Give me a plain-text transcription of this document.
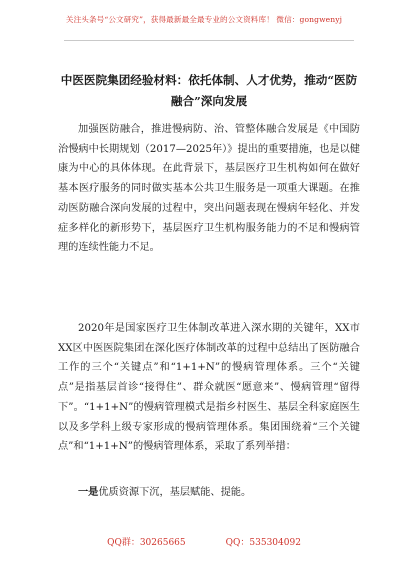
关注头条号“公文研究”，获得最新最全最专业的公文资料库！ 微信：gongwenyj
中医医院集团经验材料：依托体制、人才优势，推动“医防融合”深向发展

加强医防融合，推进慢病防、治、管整体融合发展是《中国防治慢病中长期规划（2017—2025年）》提出的重要措施，也是以健康为中心的具体体现。在此背景下，基层医疗卫生机构如何在做好基本医疗服务的同时做实基本公共卫生服务是一项重大课题。在推动医防融合深向发展的过程中，突出问题表现在慢病年轻化、并发症多样化的新形势下，基层医疗卫生机构服务能力的不足和慢病管理的连续性能力不足。

2020年是国家医疗卫生体制改革进入深水期的关键年，XX市XX区中医医院集团在深化医疗体制改革的过程中总结出了医防融合工作的三个“关键点”和“1+1+N”的慢病管理体系。三个“关键点”是指基层首诊“接得住”、群众就医“愿意来”、慢病管理“留得下”。“1+1+N”的慢病管理模式是指乡村医生、基层全科家庭医生以及多学科上级专家形成的慢病管理体系。集团围绕着“三个关键点”和“1+1+N”的慢病管理体系，采取了系列举措：

一是优质资源下沉，基层赋能、提能。

QQ群：30265665	QQ：535304092
